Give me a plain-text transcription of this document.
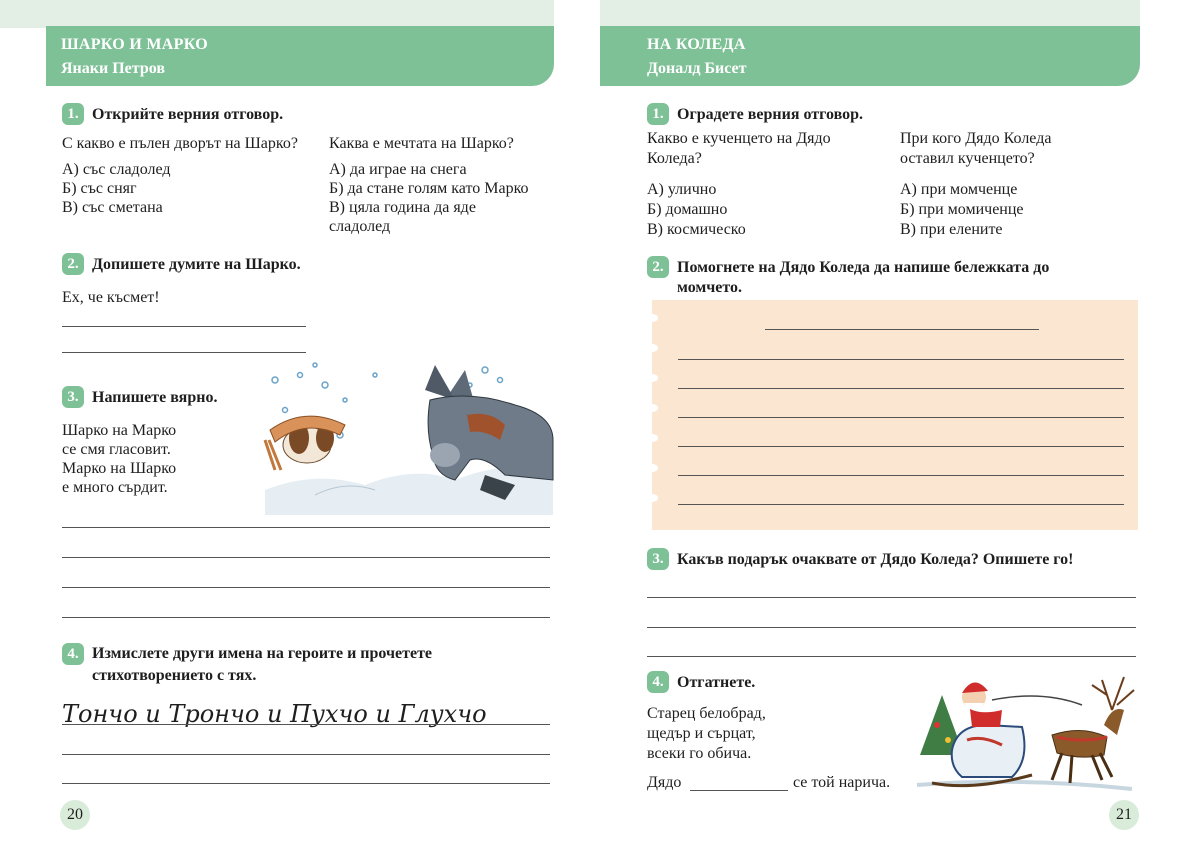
ШАРКО И МАРКО
Янаки Петров
1. Открийте верния отговор.
С какво е пълен дворът на Шарко?
А) със сладолед
Б) със сняг
В) със сметана
Каква е мечтата на Шарко?
А) да играе на снега
Б) да стане голям като Марко
В) цяла година да яде
сладолед
2. Допишете думите на Шарко.
Ех, че късмет!
3. Напишете вярно.
Шарко на Марко
се смя гласовит.
Марко на Шарко
е много сърдит.
4. Измислете други имена на героите и прочетете
стихотворението с тях.
Тончо и Трончо и Пухчо и Глухчо
20
НА КОЛЕДА
Доналд Бисет
1. Оградете верния отговор.
Какво е кученцето на Дядо
Коледа?
А) улично
Б) домашно
В) космическо
При кого Дядо Коледа
оставил кученцето?
А) при момченце
Б) при момиченце
В) при елените
2. Помогнете на Дядо Коледа да напише бележката до
момчето.
3. Какъв подарък очаквате от Дядо Коледа? Опишете го!
4. Отгатнете.
Старец белобрад,
щедър и сърцат,
всеки го обича.
Дядо	се той нарича.
21
